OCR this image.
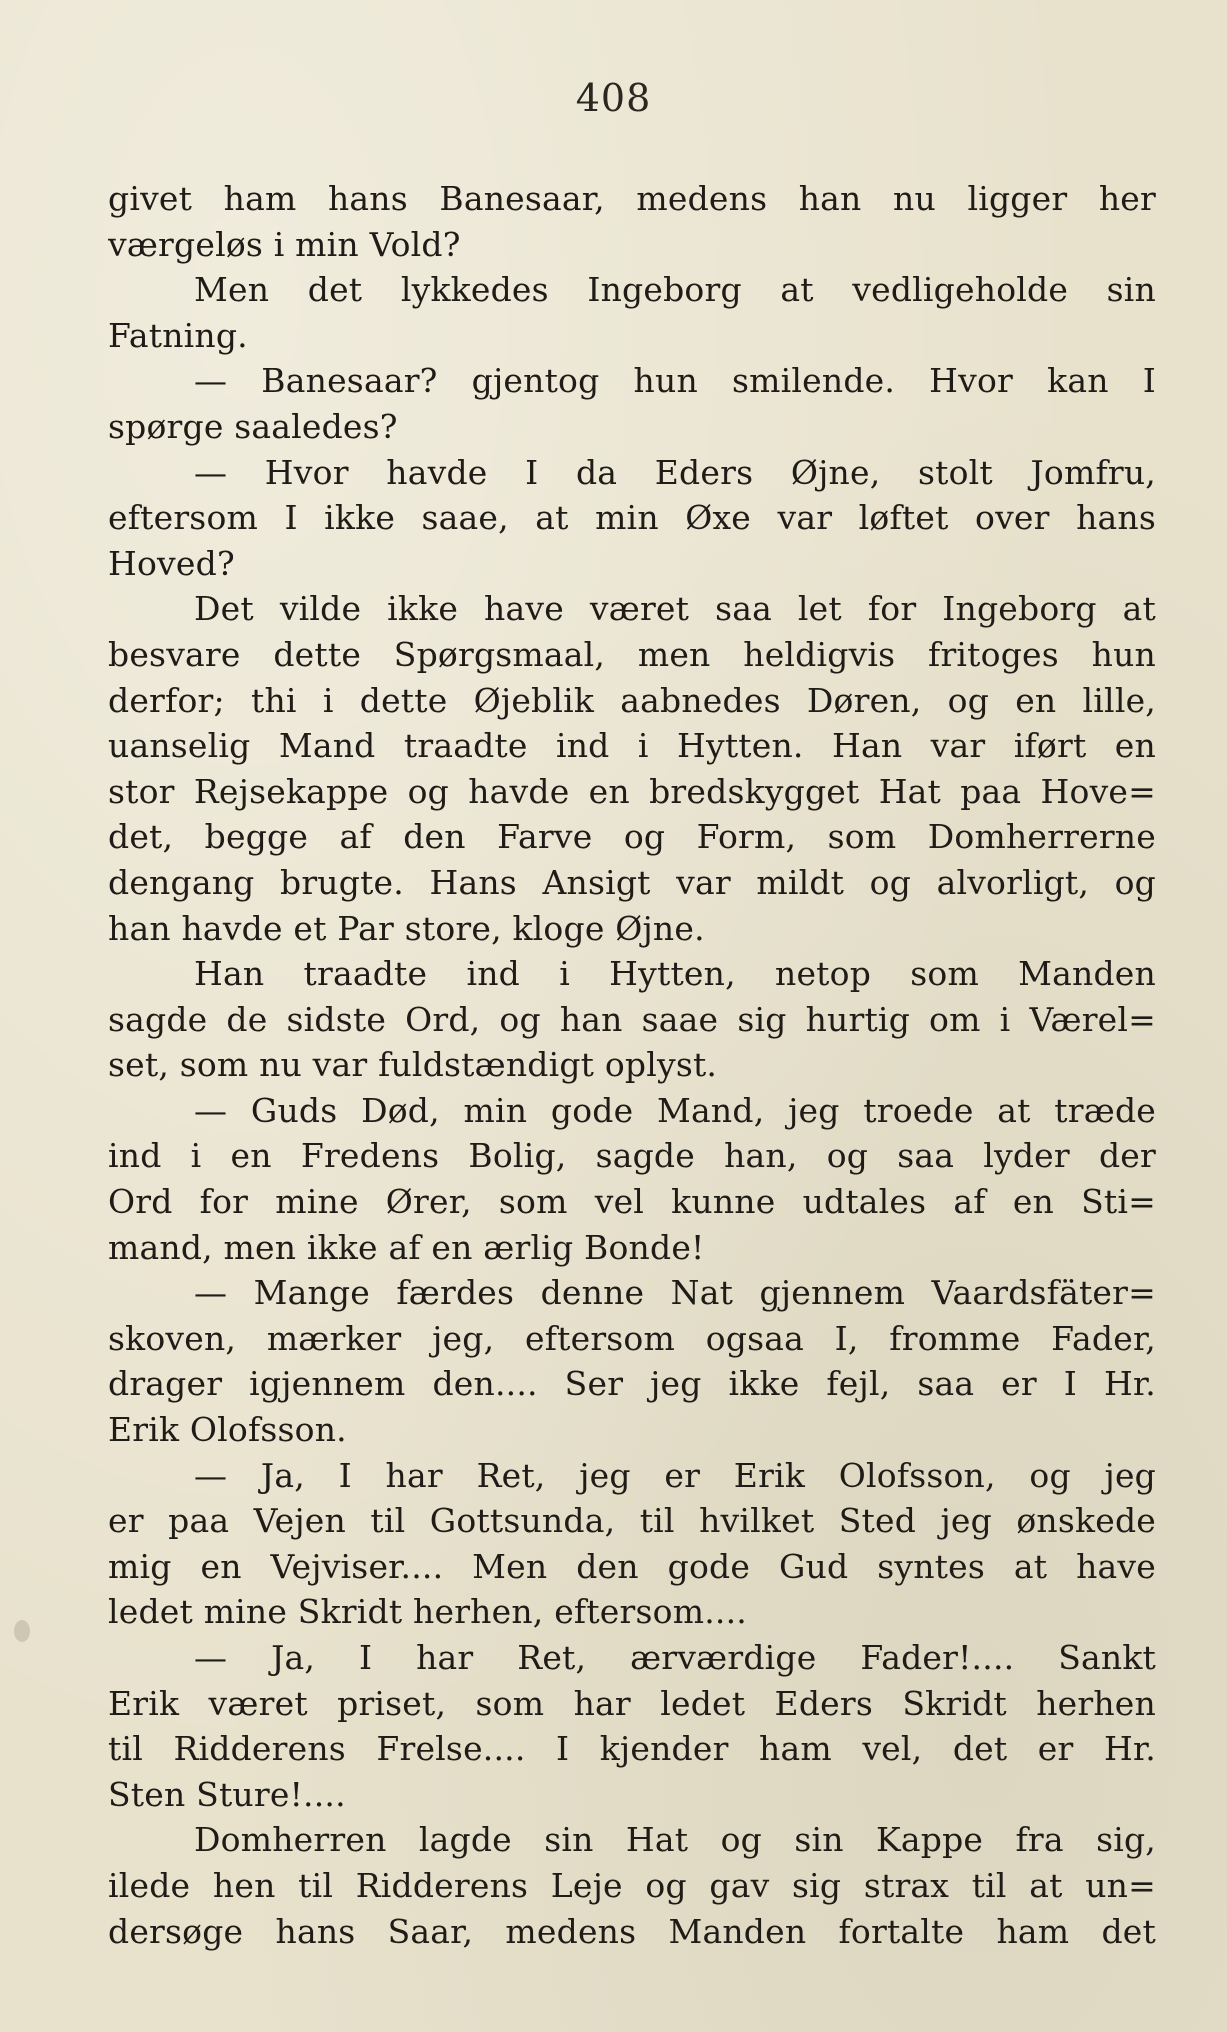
408
givet ham hans Banesaar, medens han nu ligger her
værgeløs i min Vold?
Men det lykkedes Ingeborg at vedligeholde sin
Fatning.
— Banesaar? gjentog hun smilende. Hvor kan I
spørge saaledes?
— Hvor havde I da Eders Øjne, stolt Jomfru,
eftersom I ikke saae, at min Øxe var løftet over hans
Hoved?
Det vilde ikke have været saa let for Ingeborg at
besvare dette Spørgsmaal, men heldigvis fritoges hun
derfor; thi i dette Øjeblik aabnedes Døren, og en lille,
uanselig Mand traadte ind i Hytten. Han var iført en
stor Rejsekappe og havde en bredskygget Hat paa Hove=
det, begge af den Farve og Form, som Domherrerne
dengang brugte. Hans Ansigt var mildt og alvorligt, og
han havde et Par store, kloge Øjne.
Han traadte ind i Hytten, netop som Manden
sagde de sidste Ord, og han saae sig hurtig om i Værel=
set, som nu var fuldstændigt oplyst.
— Guds Død, min gode Mand, jeg troede at træde
ind i en Fredens Bolig, sagde han, og saa lyder der
Ord for mine Ører, som vel kunne udtales af en Sti=
mand, men ikke af en ærlig Bonde!
— Mange færdes denne Nat gjennem Vaardsfäter=
skoven, mærker jeg, eftersom ogsaa I, fromme Fader,
drager igjennem den.... Ser jeg ikke fejl, saa er I Hr.
Erik Olofsson.
— Ja, I har Ret, jeg er Erik Olofsson, og jeg
er paa Vejen til Gottsunda, til hvilket Sted jeg ønskede
mig en Vejviser.... Men den gode Gud syntes at have
ledet mine Skridt herhen, eftersom....
— Ja, I har Ret, ærværdige Fader!.... Sankt
Erik været priset, som har ledet Eders Skridt herhen
til Ridderens Frelse.... I kjender ham vel, det er Hr.
Sten Sture!....
Domherren lagde sin Hat og sin Kappe fra sig,
ilede hen til Ridderens Leje og gav sig strax til at un=
dersøge hans Saar, medens Manden fortalte ham det
